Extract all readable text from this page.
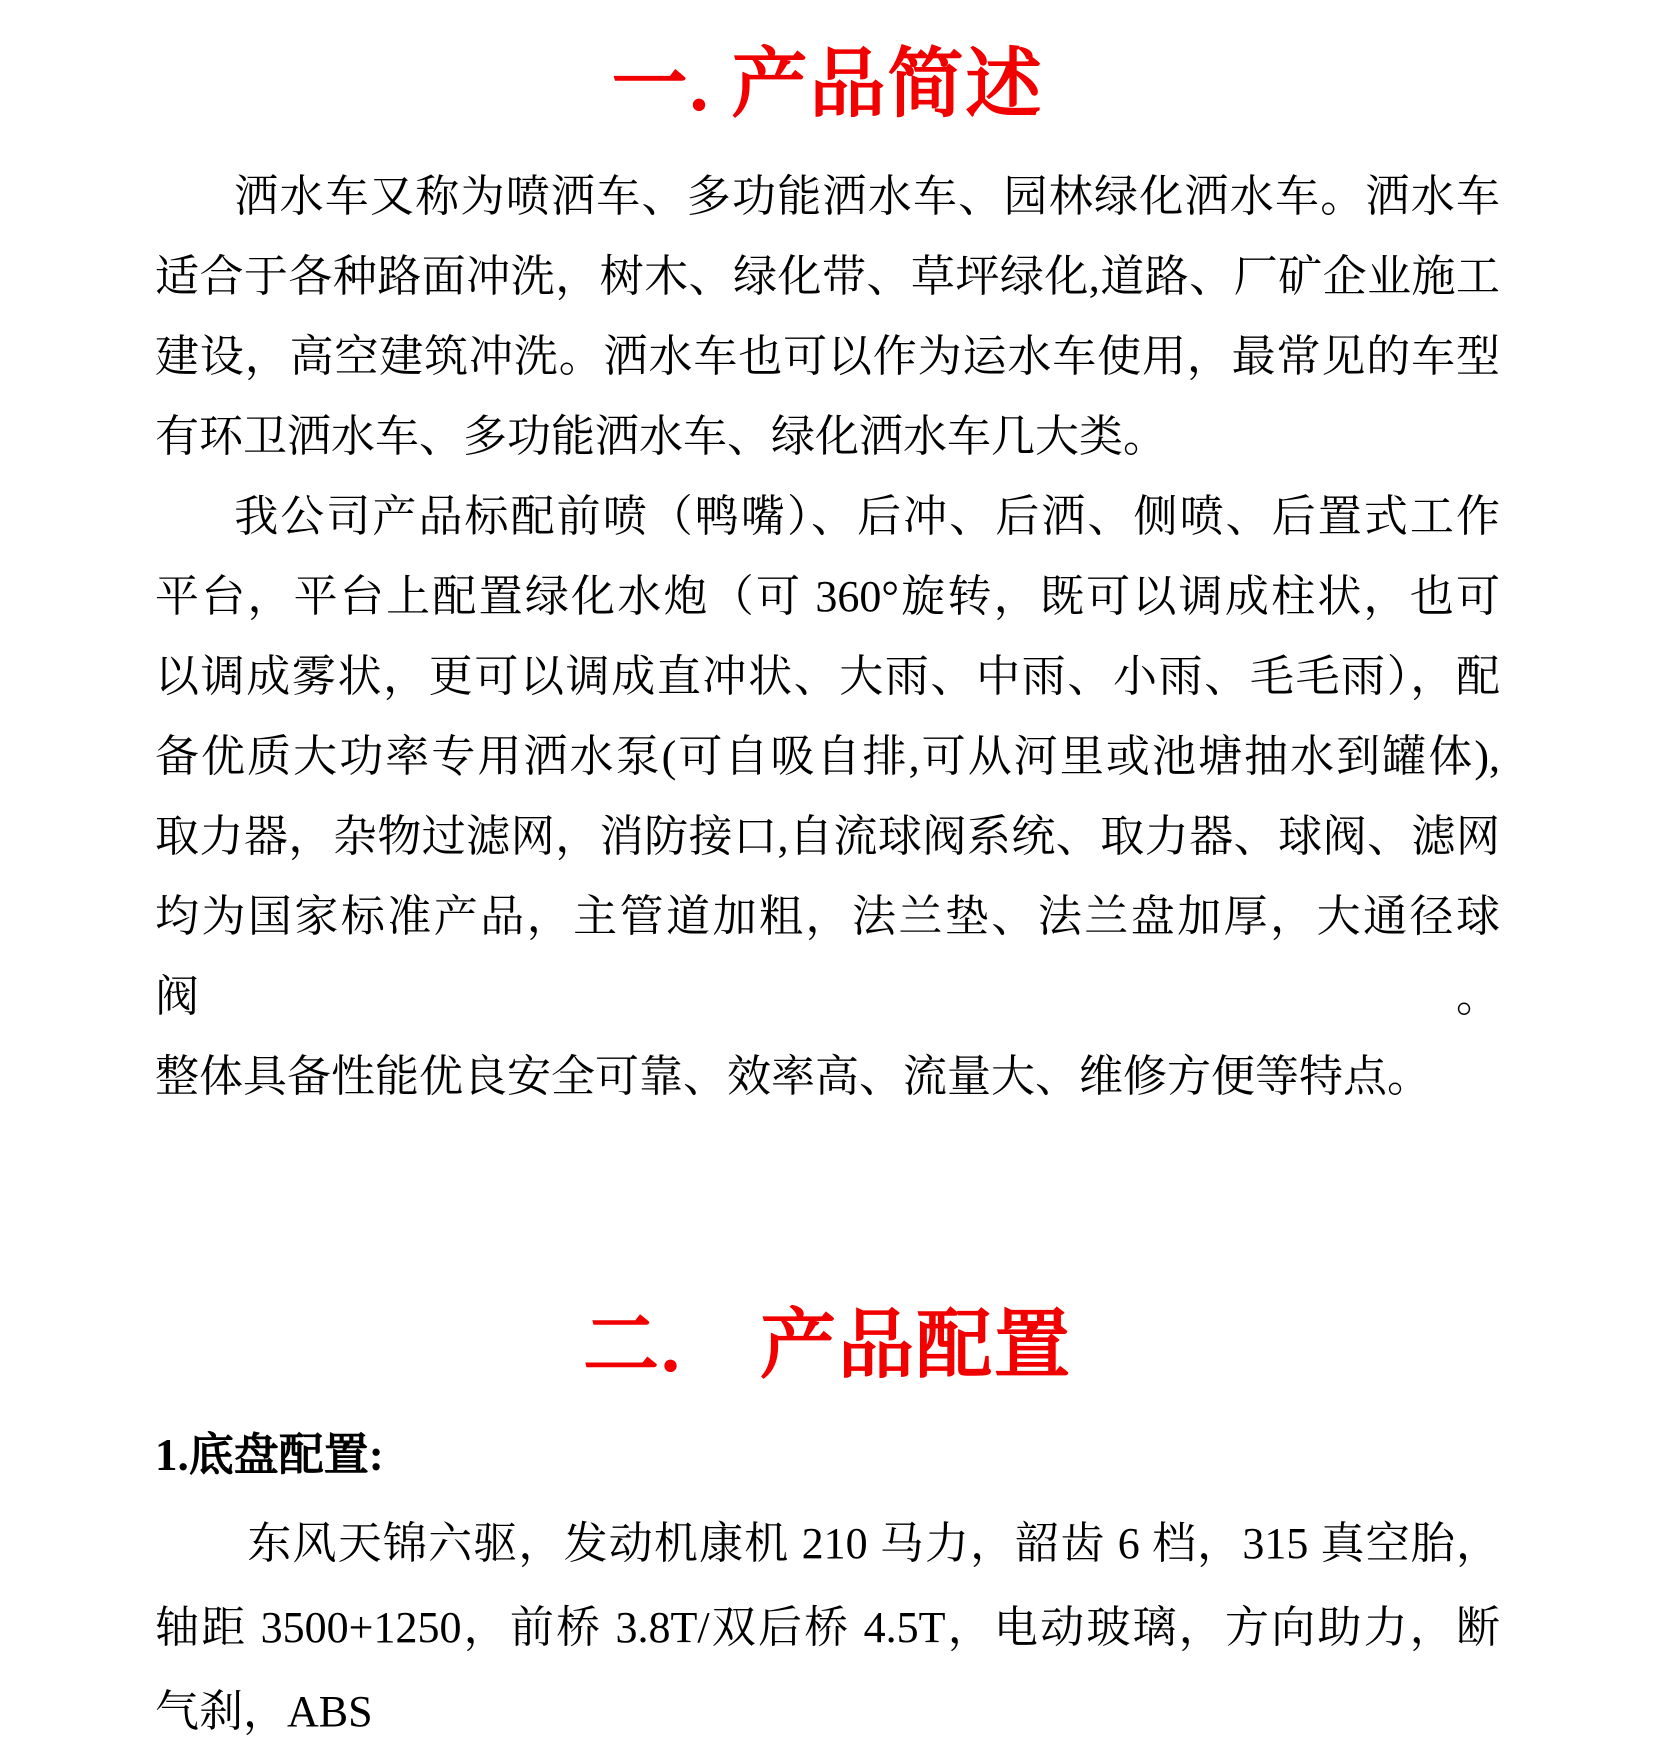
一. 产品简述
洒水车又称为喷洒车、多功能洒水车、园林绿化洒水车。洒水车
适合于各种路面冲洗，树木、绿化带、草坪绿化,道路、厂矿企业施工
建设，高空建筑冲洗。洒水车也可以作为运水车使用，最常见的车型
有环卫洒水车、多功能洒水车、绿化洒水车几大类。
我公司产品标配前喷（鸭嘴）、后冲、后洒、侧喷、后置式工作
平台，平台上配置绿化水炮（可 360°旋转，既可以调成柱状，也可
以调成雾状，更可以调成直冲状、大雨、中雨、小雨、毛毛雨），配
备优质大功率专用洒水泵(可自吸自排,可从河里或池塘抽水到罐体),
取力器，杂物过滤网，消防接口,自流球阀系统、取力器、球阀、滤网
均为国家标准产品，主管道加粗，法兰垫、法兰盘加厚，大通径球阀。
整体具备性能优良安全可靠、效率高、流量大、维修方便等特点。
二.　产品配置
1.底盘配置:
东风天锦六驱，发动机康机 210 马力，韶齿 6 档，315 真空胎，
轴距 3500+1250，前桥 3.8T/双后桥 4.5T，电动玻璃，方向助力，断
气刹，ABS
